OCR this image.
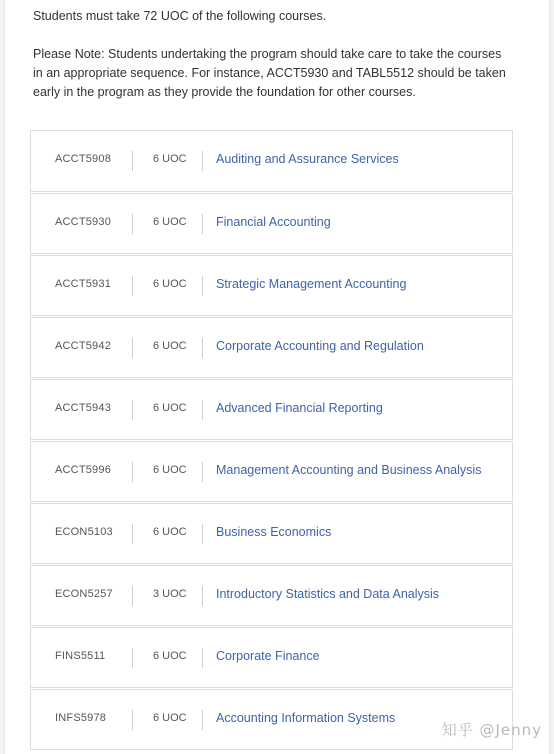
Students must take 72 UOC of the following courses.

Please Note: Students undertaking the program should take care to take the courses in an appropriate sequence. For instance, ACCT5930 and TABL5512 should be taken early in the program as they provide the foundation for other courses.

ACCT5908	6 UOC Auditing and Assurance Services
ACCT5930	6 UOC Financial Accounting
ACCT5931	6 UOC Strategic Management Accounting
ACCT5942	6 UOC Corporate Accounting and Regulation
ACCT5943	6 UOC Advanced Financial Reporting
ACCT5996	6 UOC Management Accounting and Business Analysis
ECON5103	6 UOC Business Economics
ECON5257	3 UOC Introductory Statistics and Data Analysis
FINS5511	6 UOC Corporate Finance
INFS5978	6 UOC Accounting Information Systems
知乎 @Jenny
